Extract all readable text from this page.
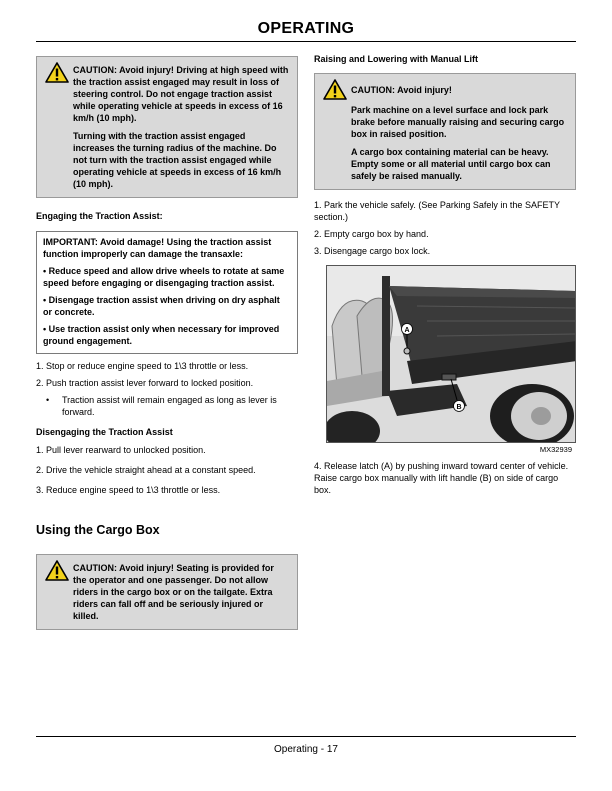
OPERATING

CAUTION: Avoid injury! Driving at high speed with the traction assist engaged may result in loss of steering control. Do not engage traction assist while operating vehicle at speeds in excess of 16 km/h (10 mph).

Turning with the traction assist engaged increases the turning radius of the machine. Do not turn with the traction assist engaged while operating vehicle at speeds in excess of 16 km/h (10 mph).

Engaging the Traction Assist:

IMPORTANT: Avoid damage! Using the traction assist function improperly can damage the transaxle:

• Reduce speed and allow drive wheels to rotate at same speed before engaging or disengaging traction assist.

• Disengage traction assist when driving on dry asphalt or concrete.

• Use traction assist only when necessary for improved ground engagement.

1. Stop or reduce engine speed to 1\3 throttle or less.

2. Push traction assist lever forward to locked position.

•	Traction assist will remain engaged as long as lever is forward.
Disengaging the Traction Assist

1. Pull lever rearward to unlocked position.

2. Drive the vehicle straight ahead at a constant speed.

3. Reduce engine speed to 1\3 throttle or less.

Using the Cargo Box

CAUTION: Avoid injury! Seating is provided for the operator and one passenger. Do not allow riders in the cargo box or on the tailgate. Extra riders can fall off and be seriously injured or killed.

Raising and Lowering with Manual Lift

CAUTION: Avoid injury!

Park machine on a level surface and lock park brake before manually raising and securing cargo box in raised position.

A cargo box containing material can be heavy. Empty some or all material until cargo box can safely be raised manually.

1. Park the vehicle safely. (See Parking Safely in the SAFETY section.)

2. Empty cargo box by hand.

3. Disengage cargo box lock.

A
B
MX32939

4. Release latch (A) by pushing inward toward center of vehicle. Raise cargo box manually with lift handle (B) on side of cargo box.

Operating - 17
